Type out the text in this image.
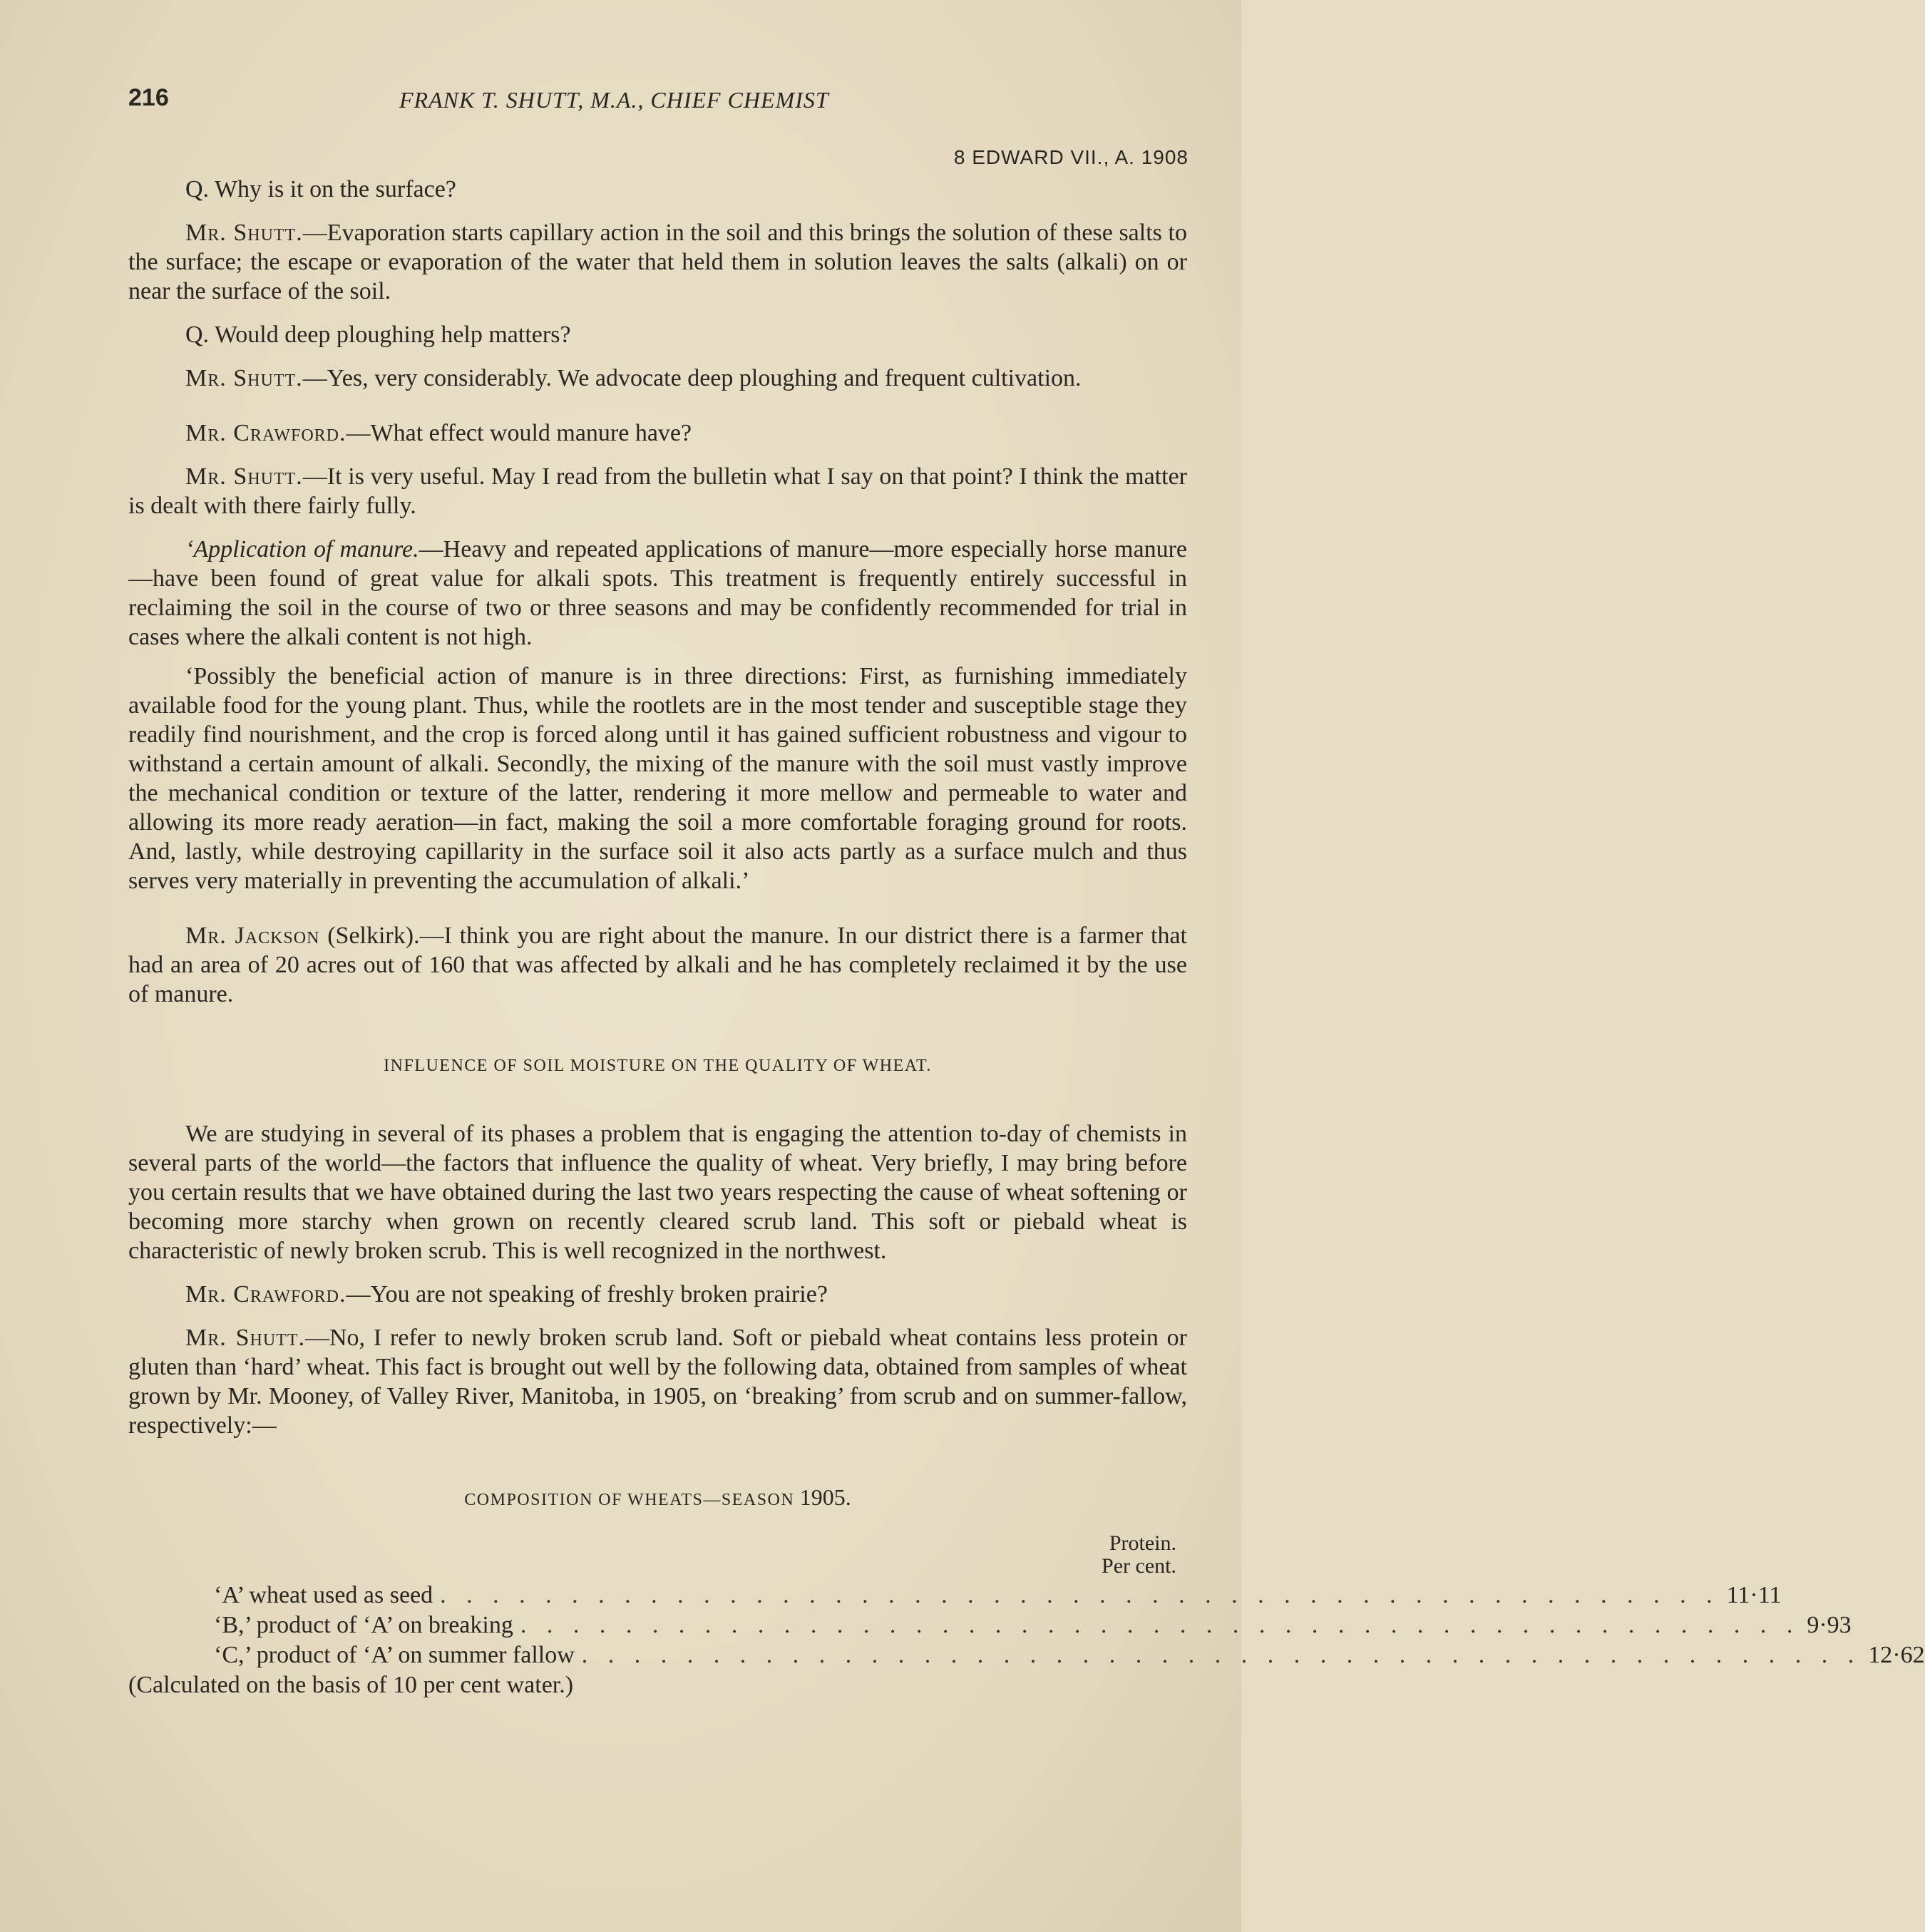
216	FRANK T. SHUTT, M.A., CHIEF CHEMIST
8 EDWARD VII., A. 1908

Q. Why is it on the surface?

Mr. Shutt.—Evaporation starts capillary action in the soil and this brings the solution of these salts to the surface; the escape or evaporation of the water that held them in solution leaves the salts (alkali) on or near the surface of the soil.

Q. Would deep ploughing help matters?

Mr. Shutt.—Yes, very considerably. We advocate deep ploughing and frequent cultivation.

Mr. Crawford.—What effect would manure have?

Mr. Shutt.—It is very useful. May I read from the bulletin what I say on that point? I think the matter is dealt with there fairly fully.

‘Application of manure.—Heavy and repeated applications of manure—more especially horse manure—have been found of great value for alkali spots. This treatment is frequently entirely successful in reclaiming the soil in the course of two or three seasons and may be confidently recommended for trial in cases where the alkali content is not high.

‘Possibly the beneficial action of manure is in three directions: First, as furnishing immediately available food for the young plant. Thus, while the rootlets are in the most tender and susceptible stage they readily find nourishment, and the crop is forced along until it has gained sufficient robustness and vigour to withstand a certain amount of alkali. Secondly, the mixing of the manure with the soil must vastly improve the mechanical condition or texture of the latter, rendering it more mellow and permeable to water and allowing its more ready aeration—in fact, making the soil a more comfortable foraging ground for roots. And, lastly, while destroying capillarity in the surface soil it also acts partly as a surface mulch and thus serves very materially in preventing the accumulation of alkali.’

Mr. Jackson (Selkirk).—I think you are right about the manure. In our district there is a farmer that had an area of 20 acres out of 160 that was affected by alkali and he has completely reclaimed it by the use of manure.

INFLUENCE OF SOIL MOISTURE ON THE QUALITY OF WHEAT.

We are studying in several of its phases a problem that is engaging the attention to-day of chemists in several parts of the world—the factors that influence the quality of wheat. Very briefly, I may bring before you certain results that we have obtained during the last two years respecting the cause of wheat softening or becoming more starchy when grown on recently cleared scrub land. This soft or piebald wheat is characteristic of newly broken scrub. This is well recognized in the northwest.

Mr. Crawford.—You are not speaking of freshly broken prairie?

Mr. Shutt.—No, I refer to newly broken scrub land. Soft or piebald wheat contains less protein or gluten than ‘hard’ wheat. This fact is brought out well by the following data, obtained from samples of wheat grown by Mr. Mooney, of Valley River, Manitoba, in 1905, on ‘breaking’ from scrub and on summer-fallow, respectively:—

COMPOSITION OF WHEATS—SEASON 1905.
Protein.
Per cent.
‘A’ wheat used as seed . . . . . . . . . . . . . . . . . . . . . . . . . . . . . . . . . . . . . . . . . . . . . . . . . 11·11
‘B,’ product of ‘A’ on breaking . . . . . . . . . . . . . . . . . . . . . . . . . . . . . . . . . . . . . . . . . . . . . . . . . 9·93
‘C,’ product of ‘A’ on summer fallow . . . . . . . . . . . . . . . . . . . . . . . . . . . . . . . . . . . . . . . . . . . . . . . . . 12·62

(Calculated on the basis of 10 per cent water.)
